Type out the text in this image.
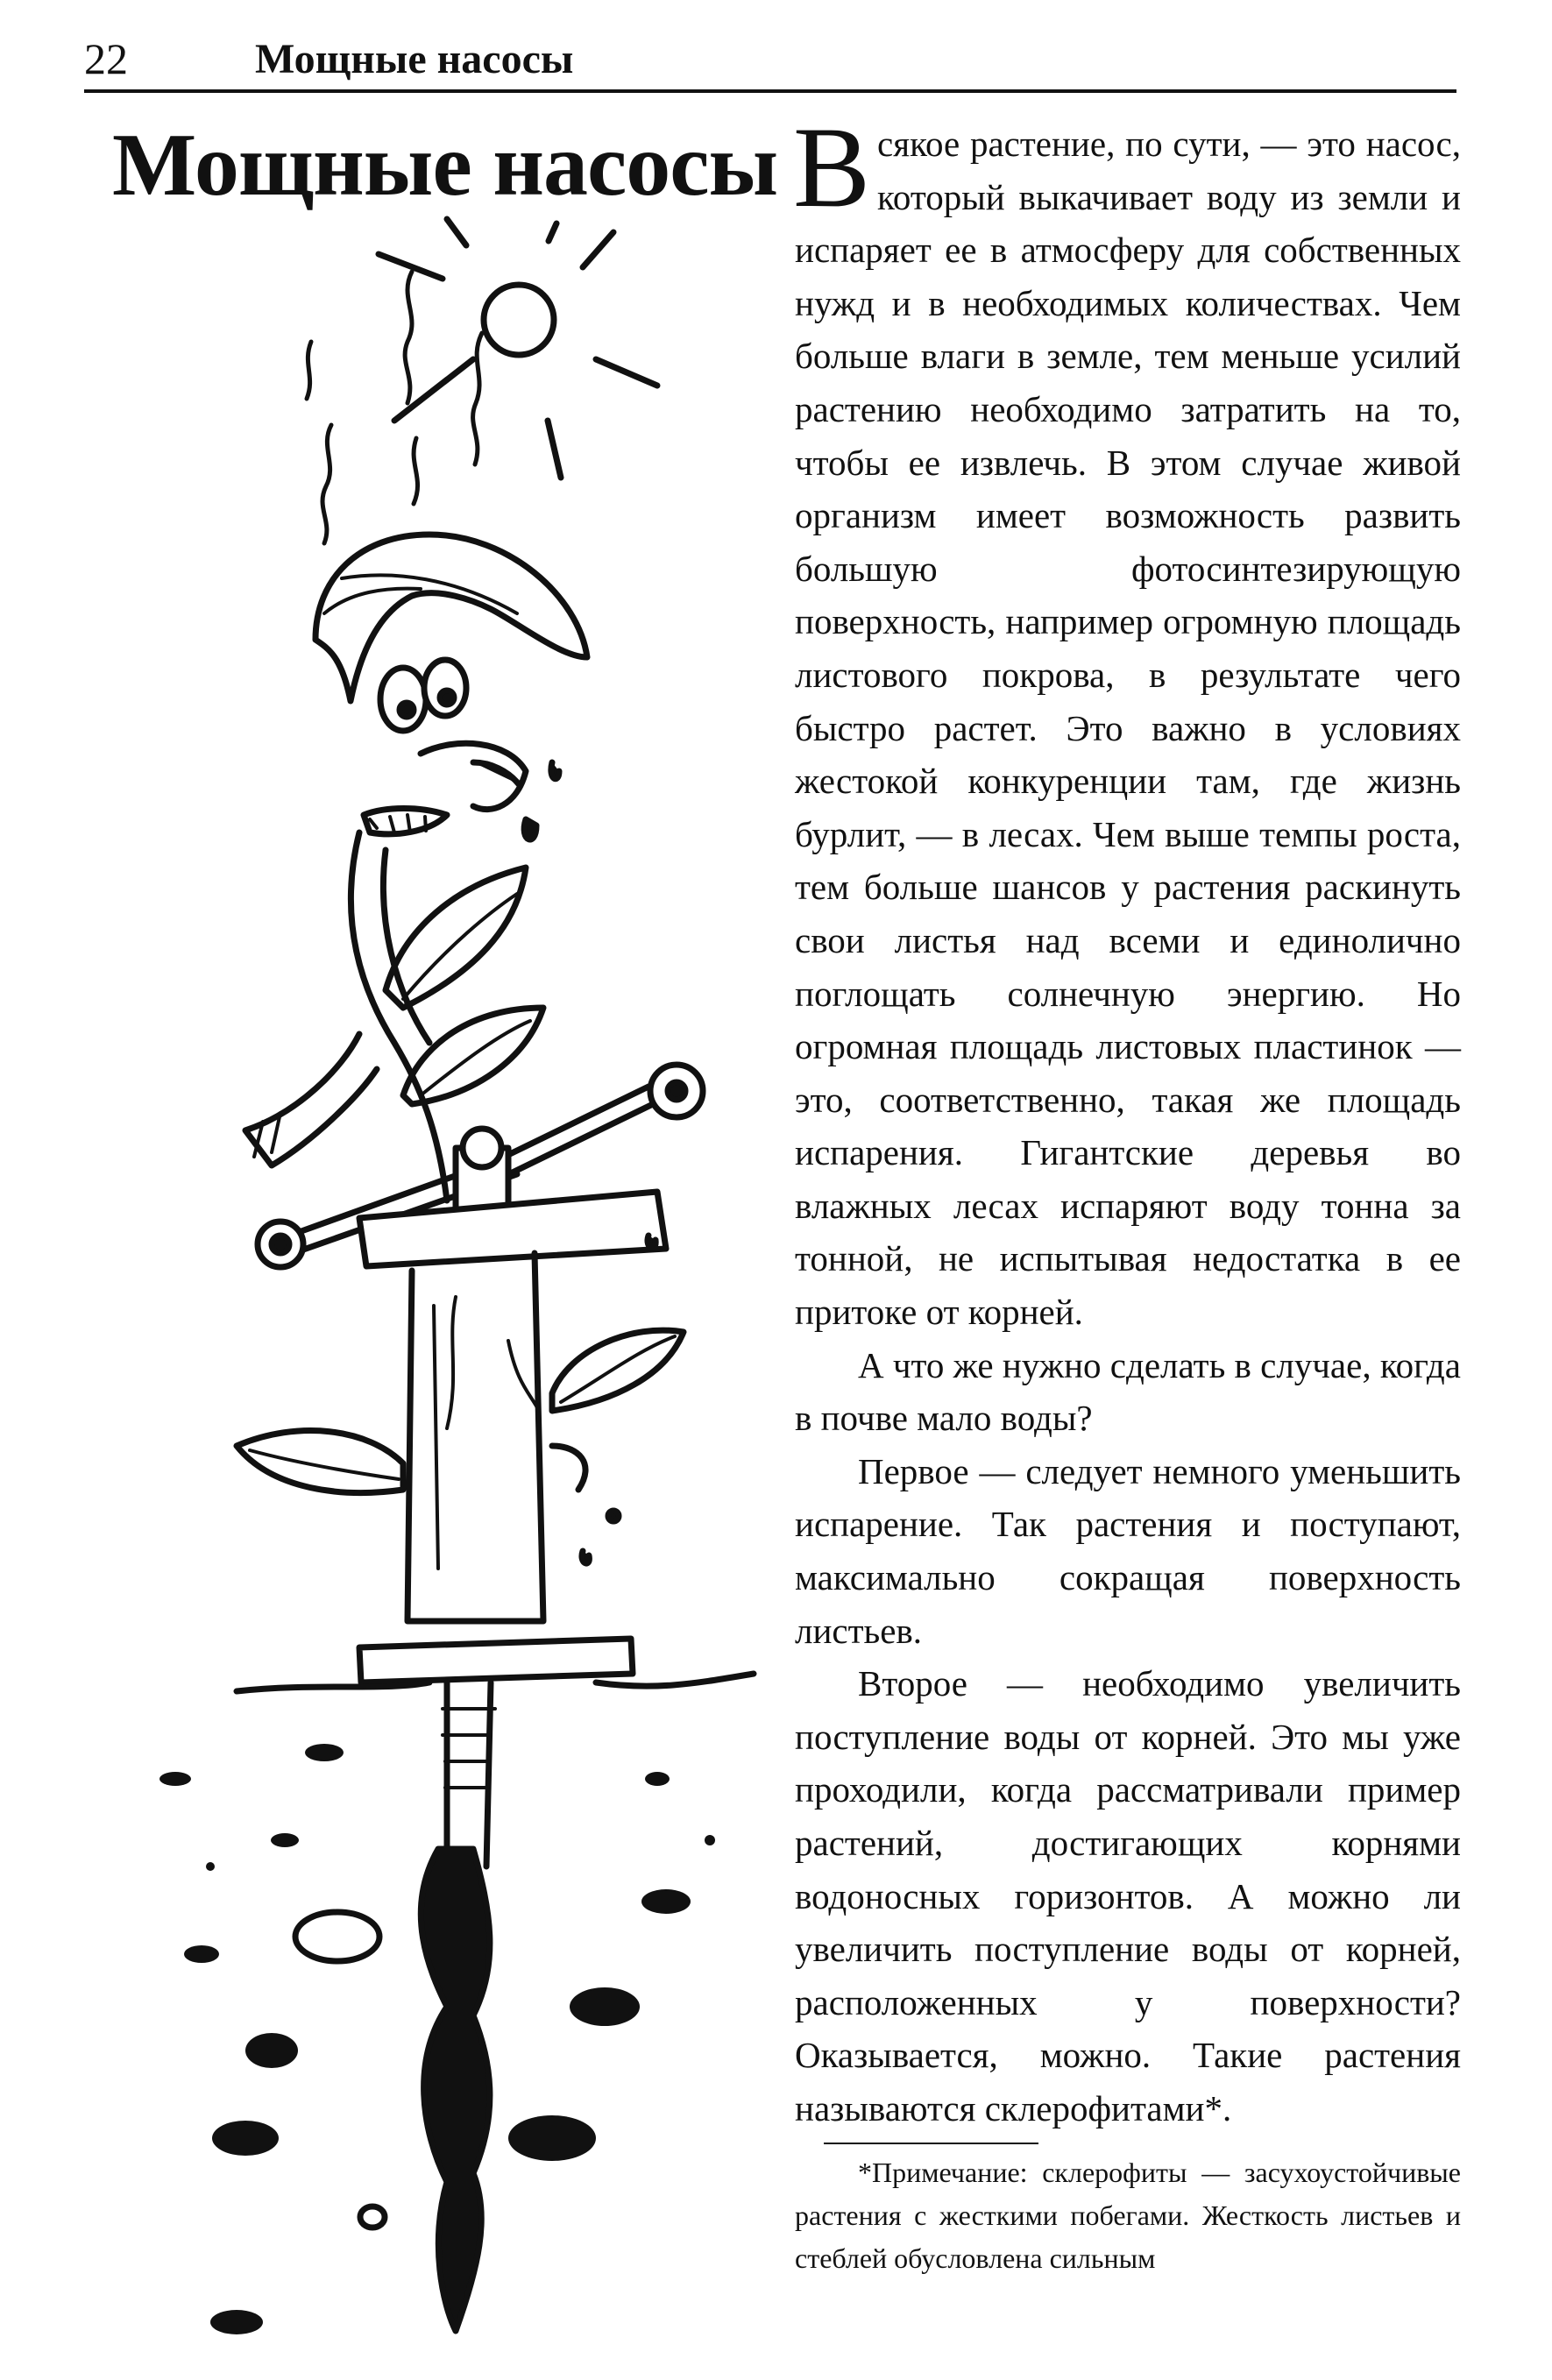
22	Мощные насосы
Мощные насосы Всякое растение, по сути, — это насос, который выкачивает воду из земли и испаряет ее в атмосферу для собственных нужд и в необходимых количествах. Чем больше влаги в земле, тем меньше усилий растению необходимо затратить на то, чтобы ее извлечь. В этом случае живой организм имеет возможность развить большую фотосинтезирующую поверхность, например огромную площадь листового покрова, в результате чего быстро растет. Это важно в условиях жестокой конкуренции там, где жизнь бурлит, — в лесах. Чем выше темпы роста, тем больше шансов у растения раскинуть свои листья над всеми и единолично поглощать солнечную энергию. Но огромная площадь листовых пластинок — это, соответственно, такая же площадь испарения. Гигантские деревья во влажных лесах испаряют воду тонна за тонной, не испытывая недостатка в ее притоке от корней.

А что же нужно сделать в случае, когда в почве мало воды?

Первое — следует немного уменьшить испарение. Так растения и поступают, максимально сокращая поверхность листьев.

Второе — необходимо увеличить поступление воды от корней. Это мы уже проходили, когда рассматривали пример растений, достигающих корнями водоносных горизонтов. А можно ли увеличить поступление воды от корней, расположенных у поверхности? Оказывается, можно. Такие растения называются склерофитами*.

*Примечание: склерофиты — засухоустойчивые растения с жесткими побегами. Жесткость листьев и стеблей обусловлена сильным
